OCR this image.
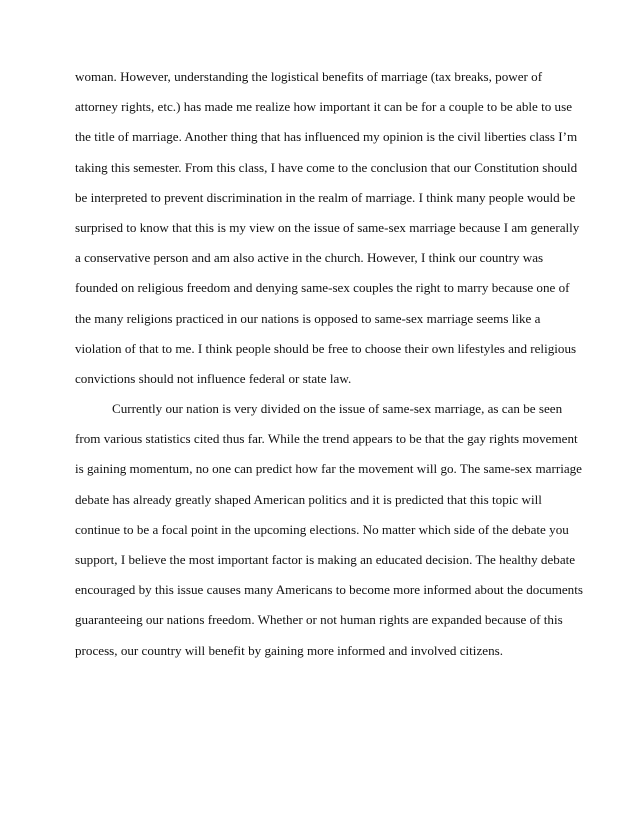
woman. However, understanding the logistical benefits of marriage (tax breaks, power of
attorney rights, etc.) has made me realize how important it can be for a couple to be able to use
the title of marriage. Another thing that has influenced my opinion is the civil liberties class I’m
taking this semester. From this class, I have come to the conclusion that our Constitution should
be interpreted to prevent discrimination in the realm of marriage. I think many people would be
surprised to know that this is my view on the issue of same-sex marriage because I am generally
a conservative person and am also active in the church. However, I think our country was
founded on religious freedom and denying same-sex couples the right to marry because one of
the many religions practiced in our nations is opposed to same-sex marriage seems like a
violation of that to me. I think people should be free to choose their own lifestyles and religious
convictions should not influence federal or state law.
Currently our nation is very divided on the issue of same-sex marriage, as can be seen
from various statistics cited thus far. While the trend appears to be that the gay rights movement
is gaining momentum, no one can predict how far the movement will go. The same-sex marriage
debate has already greatly shaped American politics and it is predicted that this topic will
continue to be a focal point in the upcoming elections. No matter which side of the debate you
support, I believe the most important factor is making an educated decision. The healthy debate
encouraged by this issue causes many Americans to become more informed about the documents
guaranteeing our nations freedom. Whether or not human rights are expanded because of this
process, our country will benefit by gaining more informed and involved citizens.
